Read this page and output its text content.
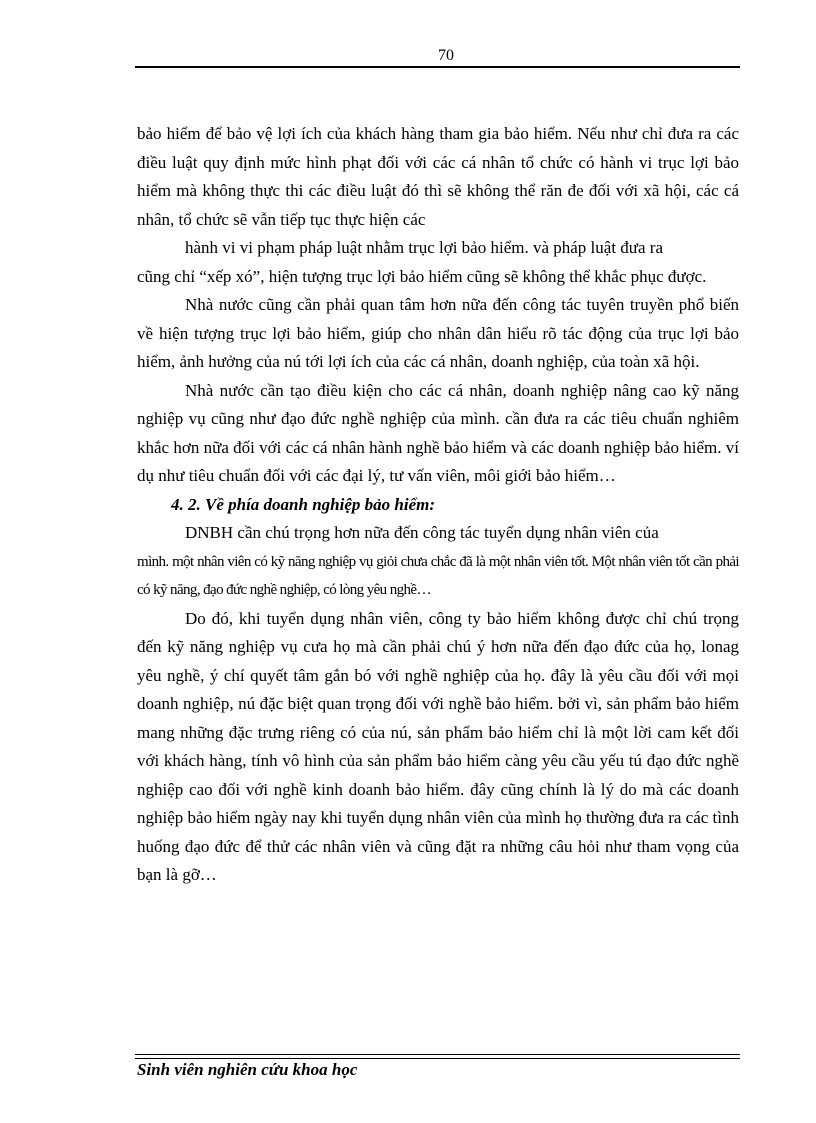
70

bảo hiểm để bảo vệ lợi ích của khách hàng tham gia bảo hiểm. Nếu như chỉ đưa ra các điều luật quy định mức hình phạt đối với các cá nhân tổ chức có hành vi trục lợi bảo hiểm mà không thực thi các điều luật đó thì sẽ không thể răn đe đối với xã hội, các cá nhân, tổ chức sẽ vẫn tiếp tục thực hiện các

hành vi vi phạm pháp luật nhằm trục lợi bảo hiểm. và pháp luật đưa ra

cũng chỉ “xếp xó”, hiện tượng trục lợi bảo hiểm cũng sẽ không thể khắc phục được.

Nhà nước cũng cần phải quan tâm hơn nữa đến công tác tuyên truyền phổ biến về hiện tượng trục lợi bảo hiểm, giúp cho nhân dân hiểu rõ tác động của trục lợi bảo hiểm, ảnh hưởng của nú tới lợi ích của các cá nhân, doanh nghiệp, của toàn xã hội.

Nhà nước cần tạo điều kiện cho các cá nhân, doanh nghiệp nâng cao kỹ năng nghiệp vụ cũng như đạo đức nghề nghiệp của mình. cần đưa ra các tiêu chuẩn nghiêm khắc hơn nữa đối với các cá nhân hành nghề bảo hiểm và các doanh nghiệp bảo hiểm. ví dụ như tiêu chuẩn đối với các đại lý, tư vấn viên, môi giới bảo hiểm…

4. 2. Về phía doanh nghiệp bảo hiểm:

DNBH cần chú trọng hơn nữa đến công tác tuyển dụng nhân viên của

mình. một nhân viên có kỹ năng nghiệp vụ giỏi chưa chắc đã là một nhân viên tốt. Một nhân viên tốt cần phải có kỹ năng, đạo đức nghề nghiệp, có lòng yêu nghề…

Do đó, khi tuyển dụng nhân viên, công ty bảo hiểm không được chỉ chú trọng đến kỹ năng nghiệp vụ cưa họ mà cần phải chú ý hơn nữa đến đạo đức của họ, lonag yêu nghề, ý chí quyết tâm gắn bó với nghề nghiệp của họ. đây là yêu cầu đối với mọi doanh nghiệp, nú đặc biệt quan trọng đối với nghề bảo hiểm. bởi vì, sản phẩm bảo hiểm mang những đặc trưng riêng có của nú, sản phẩm bảo hiểm chỉ là một lời cam kết đối với khách hàng, tính vô hình của sản phẩm bảo hiểm càng yêu cầu yếu tú đạo đức nghề nghiệp cao đối với nghề kinh doanh bảo hiểm. đây cũng chính là lý do mà các doanh nghiệp bảo hiểm ngày nay khi tuyển dụng nhân viên của mình họ thường đưa ra các tình huống đạo đức để thử các nhân viên và cũng đặt ra những câu hỏi như tham vọng của bạn là gỡ…

Sinh viên nghiên cứu khoa học
